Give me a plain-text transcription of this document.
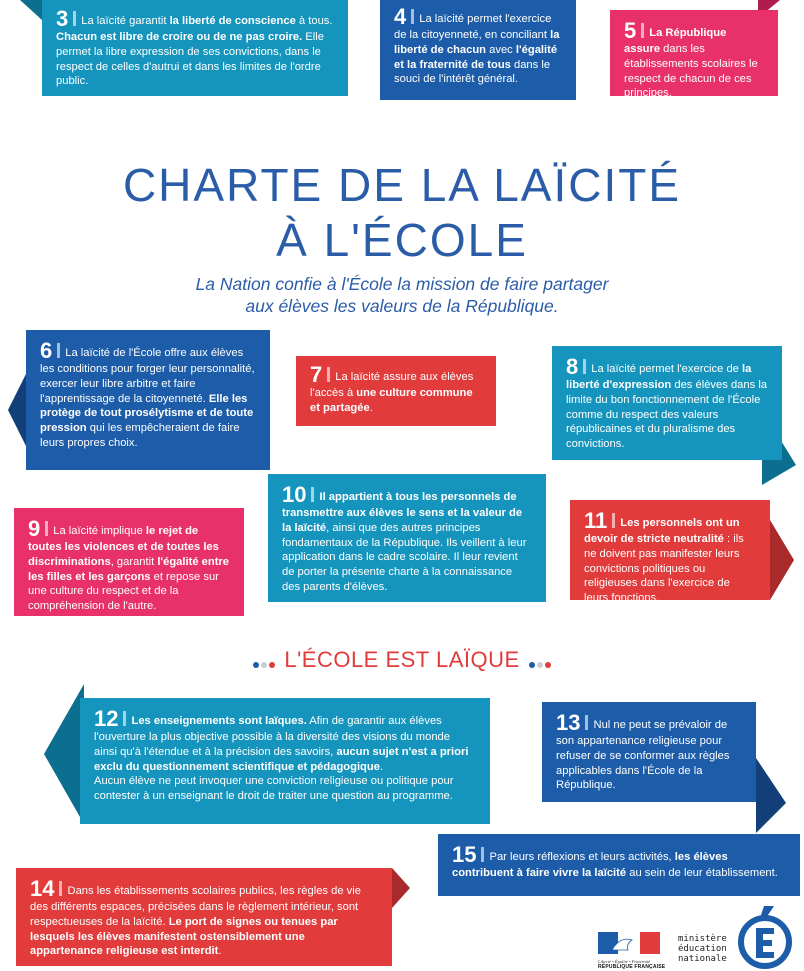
3 La laïcité garantit la liberté de conscience à tous. Chacun est libre de croire ou de ne pas croire. Elle permet la libre expression de ses convictions, dans le respect de celles d'autrui et dans les limites de l'ordre public.
4 La laïcité permet l'exercice de la citoyenneté, en conciliant la liberté de chacun avec l'égalité et la fraternité de tous dans le souci de l'intérêt général.
5 La République assure dans les établissements scolaires le respect de chacun de ces principes.
CHARTE DE LA LAÏCITÉ
À L'ÉCOLE
La Nation confie à l'École la mission de faire partager
aux élèves les valeurs de la République.
6 La laïcité de l'École offre aux élèves les conditions pour forger leur personnalité, exercer leur libre arbitre et faire l'apprentissage de la citoyenneté. Elle les protège de tout prosélytisme et de toute pression qui les empêcheraient de faire leurs propres choix.
7 La laïcité assure aux élèves l'accès à une culture commune et partagée.
8 La laïcité permet l'exercice de la liberté d'expression des élèves dans la limite du bon fonctionnement de l'École comme du respect des valeurs républicaines et du pluralisme des convictions.
9 La laïcité implique le rejet de toutes les violences et de toutes les discriminations, garantit l'égalité entre les filles et les garçons et repose sur une culture du respect et de la compréhension de l'autre.
10 Il appartient à tous les personnels de transmettre aux élèves le sens et la valeur de la laïcité, ainsi que des autres principes fondamentaux de la République. Ils veillent à leur application dans le cadre scolaire. Il leur revient de porter la présente charte à la connaissance des parents d'élèves.
11 Les personnels ont un devoir de stricte neutralité : ils ne doivent pas manifester leurs convictions politiques ou religieuses dans l'exercice de leurs fonctions.
L'ÉCOLE EST LAÏQUE
12 Les enseignements sont laïques. Afin de garantir aux élèves l'ouverture la plus objective possible à la diversité des visions du monde ainsi qu'à l'étendue et à la précision des savoirs, aucun sujet n'est a priori exclu du questionnement scientifique et pédagogique.
Aucun élève ne peut invoquer une conviction religieuse ou politique pour contester à un enseignant le droit de traiter une question au programme.
13 Nul ne peut se prévaloir de son appartenance religieuse pour refuser de se conformer aux règles applicables dans l'École de la République.
15 Par leurs réflexions et leurs activités, les élèves contribuent à faire vivre la laïcité au sein de leur établissement.
14 Dans les établissements scolaires publics, les règles de vie des différents espaces, précisées dans le règlement intérieur, sont respectueuses de la laïcité. Le port de signes ou tenues par lesquels les élèves manifestent ostensiblement une appartenance religieuse est interdit.
Liberté • Égalité • Fraternité
RÉPUBLIQUE FRANÇAISE
ministère
éducation
nationale
